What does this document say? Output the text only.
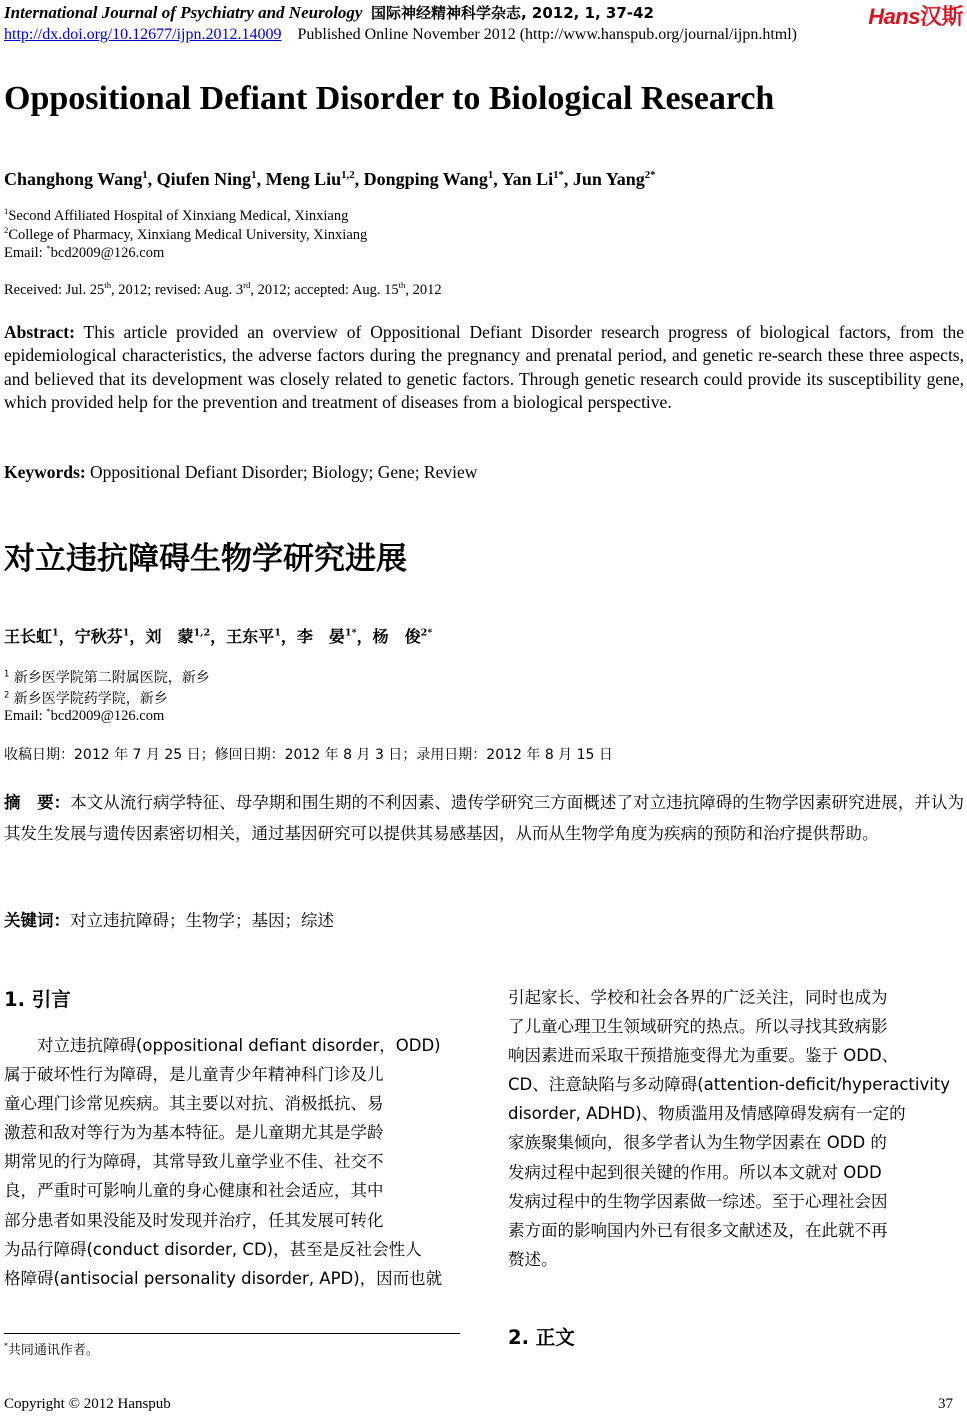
International Journal of Psychiatry and Neurology 国际神经精神科学杂志, 2012, 1, 37-42	Hans汉斯
http://dx.doi.org/10.12677/ijpn.2012.14009 Published Online November 2012 (http://www.hanspub.org/journal/ijpn.html)
Oppositional Defiant Disorder to Biological Research
Changhong Wang$^1$, Qiufen Ning$^1$, Meng Liu$^{1,2}$, Dongping Wang$^1$, Yan $Li^{1*}$, Jun Yang$^{2*}$
$^1$Second Affiliated Hospital of Xinxiang Medical, Xinxiang
$^2$College of Pharmacy, Xinxiang Medical University, Xinxiang
Email: *bcd2009@126.com
Received: Jul. 25th, 2012; revised: Aug. 3rd, 2012; accepted: Aug. 15th, 2012
Abstract: This article provided an overview of Oppositional Defiant Disorder research progress of biological factors, from the epidemiological characteristics, the adverse factors during the pregnancy and prenatal period, and genetic re-search these three aspects, and believed that its development was closely related to genetic factors. Through genetic research could provide its susceptibility gene, which provided help for the prevention and treatment of diseases from a biological perspective.
Keywords: Oppositional Defiant Disorder; Biology; Gene; Review
对立违抗障碍生物学研究进展
王长虹$^1$，宁秋芬$^1$，刘　蒙$^{1,2}$，王东平$^1$，李　晏$^{1*}$，杨　俊$^{2*}$
$^1$ 新乡医学院第二附属医院，新乡
$^2$ 新乡医学院药学院，新乡
Email: *bcd2009@126.com
收稿日期：2012 年 7 月 25 日；修回日期：2012 年 8 月 3 日；录用日期：2012 年 8 月 15 日
摘　要：本文从流行病学特征、母孕期和围生期的不利因素、遗传学研究三方面概述了对立违抗障碍的生物学因素研究进展，并认为其发生发展与遗传因素密切相关，通过基因研究可以提供其易感基因，从而从生物学角度为疾病的预防和治疗提供帮助。
关键词：对立违抗障碍；生物学；基因；综述
1. 引言
　　对立违抗障碍(oppositional defiant disorder，ODD)
属于破坏性行为障碍，是儿童青少年精神科门诊及儿
童心理门诊常见疾病。其主要以对抗、消极抵抗、易
激惹和敌对等行为为基本特征。是儿童期尤其是学龄
期常见的行为障碍，其常导致儿童学业不佳、社交不
良，严重时可影响儿童的身心健康和社会适应，其中
部分患者如果没能及时发现并治疗，任其发展可转化
为品行障碍(conduct disorder, CD)，甚至是反社会性人
格障碍(antisocial personality disorder, APD)，因而也就
引起家长、学校和社会各界的广泛关注，同时也成为
了儿童心理卫生领域研究的热点。所以寻找其致病影
响因素进而采取干预措施变得尤为重要。鉴于 ODD、
CD、注意缺陷与多动障碍(attention-deficit/hyperactivity
disorder, ADHD)、物质滥用及情感障碍发病有一定的
家族聚集倾向，很多学者认为生物学因素在 ODD 的
发病过程中起到很关键的作用。所以本文就对 ODD
发病过程中的生物学因素做一综述。至于心理社会因
素方面的影响国内外已有很多文献述及，在此就不再
赘述。
2. 正文
*共同通讯作者。
Copyright © 2012 Hanspub	37
